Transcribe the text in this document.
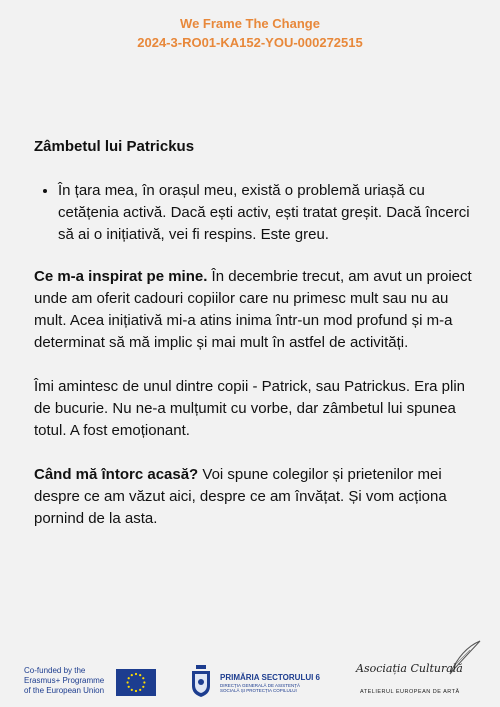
We Frame The Change
2024-3-RO01-KA152-YOU-000272515
Zâmbetul lui Patrickus
• În țara mea, în orașul meu, există o problemă uriașă cu cetățenia activă. Dacă ești activ, ești tratat greșit. Dacă încerci să ai o inițiativă, vei fi respins. Este greu.

Ce m-a inspirat pe mine. În decembrie trecut, am avut un proiect unde am oferit cadouri copiilor care nu primesc mult sau nu au mult. Acea inițiativă mi-a atins inima într-un mod profund și m-a determinat să mă implic și mai mult în astfel de activități.

Îmi amintesc de unul dintre copii - Patrick, sau Patrickus. Era plin de bucurie. Nu ne-a mulțumit cu vorbe, dar zâmbetul lui spunea totul. A fost emoționant.

Când mă întorc acasă? Voi spune colegilor și prietenilor mei despre ce am văzut aici, despre ce am învățat. Și vom acționa pornind de la asta.

Co-funded by the
Erasmus+ Programme
of the European Union
PRIMĂRIA SECTORULUI 6
DIRECȚIA GENERALĂ DE ASISTENȚĂ
SOCIALĂ ȘI PROTECȚIA COPILULUI
Asociația Culturală
ATELIERUL EUROPEAN DE ARTĂ
